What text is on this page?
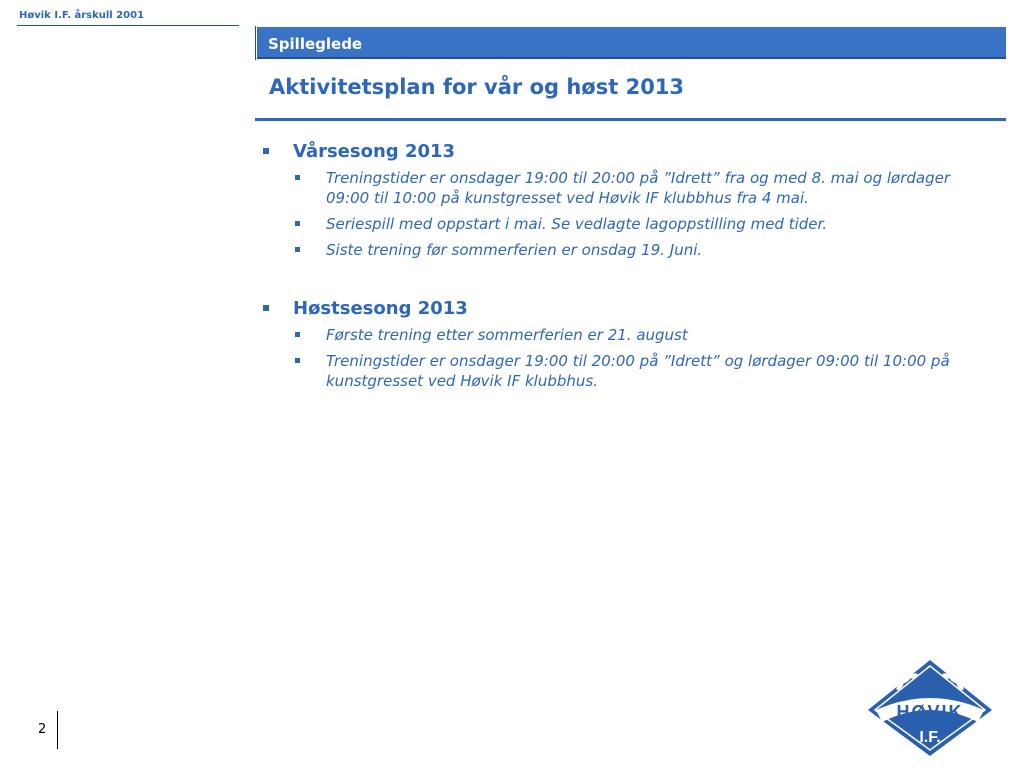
Høvik I.F. årskull 2001
Spilleglede
Aktivitetsplan for vår og høst 2013
Vårsesong 2013
Treningstider er onsdager 19:00 til 20:00 på ”Idrett” fra og med 8. mai og lørdager 09:00 til 10:00 på kunstgresset ved Høvik IF klubbhus fra 4 mai.
Seriespill med oppstart i mai. Se vedlagte lagoppstilling med tider.
Siste trening før sommerferien er onsdag 19. Juni.
Høstsesong 2013
Første trening etter sommerferien er 21. august
Treningstider er onsdager 19:00 til 20:00 på ”Idrett” og lørdager 09:00 til 10:00 på kunstgresset ved Høvik IF klubbhus.
2
HØVIK
I.F.
